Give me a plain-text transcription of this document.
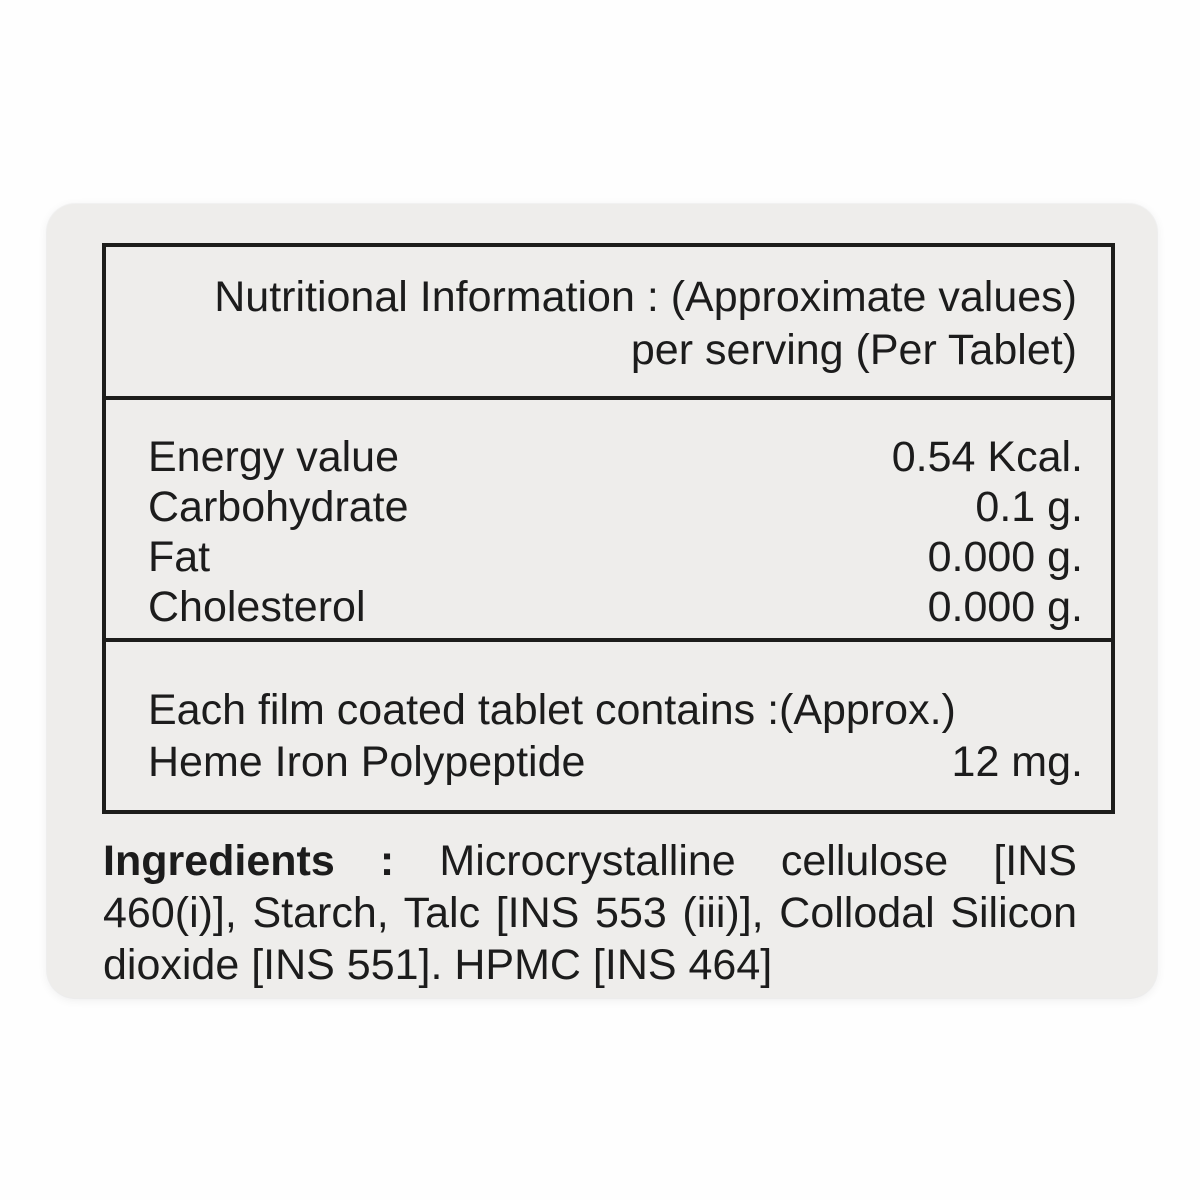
Nutritional Information : (Approximate values)
per serving (Per Tablet)
Energy value	0.54 Kcal.
Carbohydrate	0.1 g.
Fat	0.000 g.
Cholesterol	0.000 g.
Each film coated tablet contains :(Approx.)
Heme Iron Polypeptide	12 mg.

Ingredients : Microcrystalline cellulose [INS 460(i)], Starch, Talc [INS 553 (iii)], Collodal Silicon dioxide [INS 551]. HPMC [INS 464]
